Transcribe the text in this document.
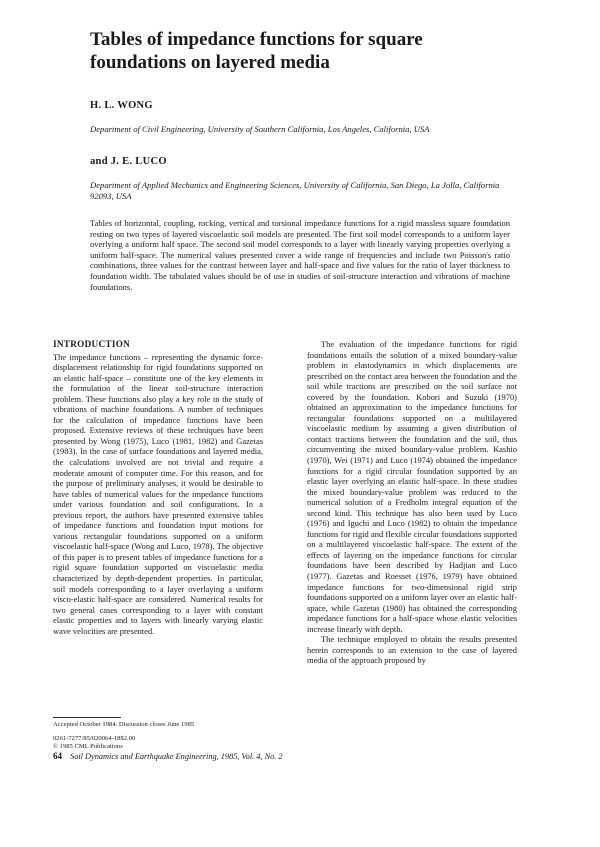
Tables of impedance functions for square
foundations on layered media

H. L. WONG

Department of Civil Engineering, University of Southern California, Los Angeles, California, USA

and J. E. LUCO

Department of Applied Mechanics and Engineering Sciences, University of California, San Diego, La Jolla, California 92093, USA

Tables of horizontal, coupling, rocking, vertical and torsional impedance functions for a rigid massless square foundation resting on two types of layered viscoelastic soil models are presented. The first soil model corresponds to a uniform layer overlying a uniform half space. The second soil model corresponds to a layer with linearly varying properties overlying a uniform half-space. The numerical values presented cover a wide range of frequencies and include two Poisson's ratio combinations, three values for the contrast between layer and half-space and five values for the ratio of layer thickness to foundation width. The tabulated values should be of use in studies of soil-structure interaction and vibrations of machine foundations.

INTRODUCTION

The impedance functions – representing the dynamic force-displacement relationship for rigid foundations supported on an elastic half-space – constitute one of the key elements in the formulation of the linear soil-structure interaction problem. These functions also play a key role in the study of vibrations of machine foundations. A number of techniques for the calculation of impedance functions have been proposed. Extensive reviews of these techniques have been presented by Wong (1975), Luco (1981, 1982) and Gazetas (1983). In the case of surface foundations and layered media, the calculations involved are not trivial and require a moderate amount of computer time. For this reason, and for the purpose of preliminary analyses, it would be desirable to have tables of numerical values for the impedance functions under various foundation and soil configurations. In a previous report, the authors have presented extensive tables of impedance functions and foundation input motions for various rectangular foundations supported on a uniform viscoelastic half-space (Wong and Luco, 1978). The objective of this paper is to present tables of impedance functions for a rigid square foundation supported on viscoelastic media characterized by depth-dependent properties. In particular, soil models corresponding to a layer overlaying a uniform visco-elastic half-space are considered. Numerical results for two general cases corresponding to a layer with constant elastic properties and to layers with linearly varying elastic wave velocities are presented.

The evaluation of the impedance functions for rigid foundations entails the solution of a mixed boundary-value problem in elastodynamics in which displacements are prescribed on the contact area between the foundation and the soil while tractions are prescribed on the soil surface not covered by the foundation. Kobori and Suzuki (1970) obtained an approximation to the impedance functions for rectangular foundations supported on a multilayered viscoelastic medium by assuming a given distribution of contact tractions between the foundation and the soil, thus circumventing the mixed boundary-value problem. Kashio (1970), Wei (1971) and Luco (1974) obtained the impedance functions for a rigid circular foundation supported by an elastic layer overlying an elastic half-space. In these studies the mixed boundary-value problem was reduced to the numerical solution of a Fredholm integral equation of the second kind. This technique has also been used by Luco (1976) and Iguchi and Luco (1982) to obtain the impedance functions for rigid and flexible circular foundations supported on a multilayered viscoelastic half-space. The extent of the effects of layering on the impedance functions for circular foundations have been described by Hadjian and Luco (1977). Gazetas and Roesset (1976, 1979) have obtained impedance functions for two-dimensional rigid strip foundations supported on a uniform layer over an elastic half-space, while Gazetas (1980) has obtained the corresponding impedance functions for a half-space whose elastic velocities increase linearly with depth.

The technique employed to obtain the results presented herein corresponds to an extension to the case of layered media of the approach proposed by

Accepted October 1984. Discussion closes June 1985

0261-7277/85/020064-18$2.00

© 1985 CML Publications

64 Soil Dynamics and Earthquake Engineering, 1985, Vol. 4, No. 2
